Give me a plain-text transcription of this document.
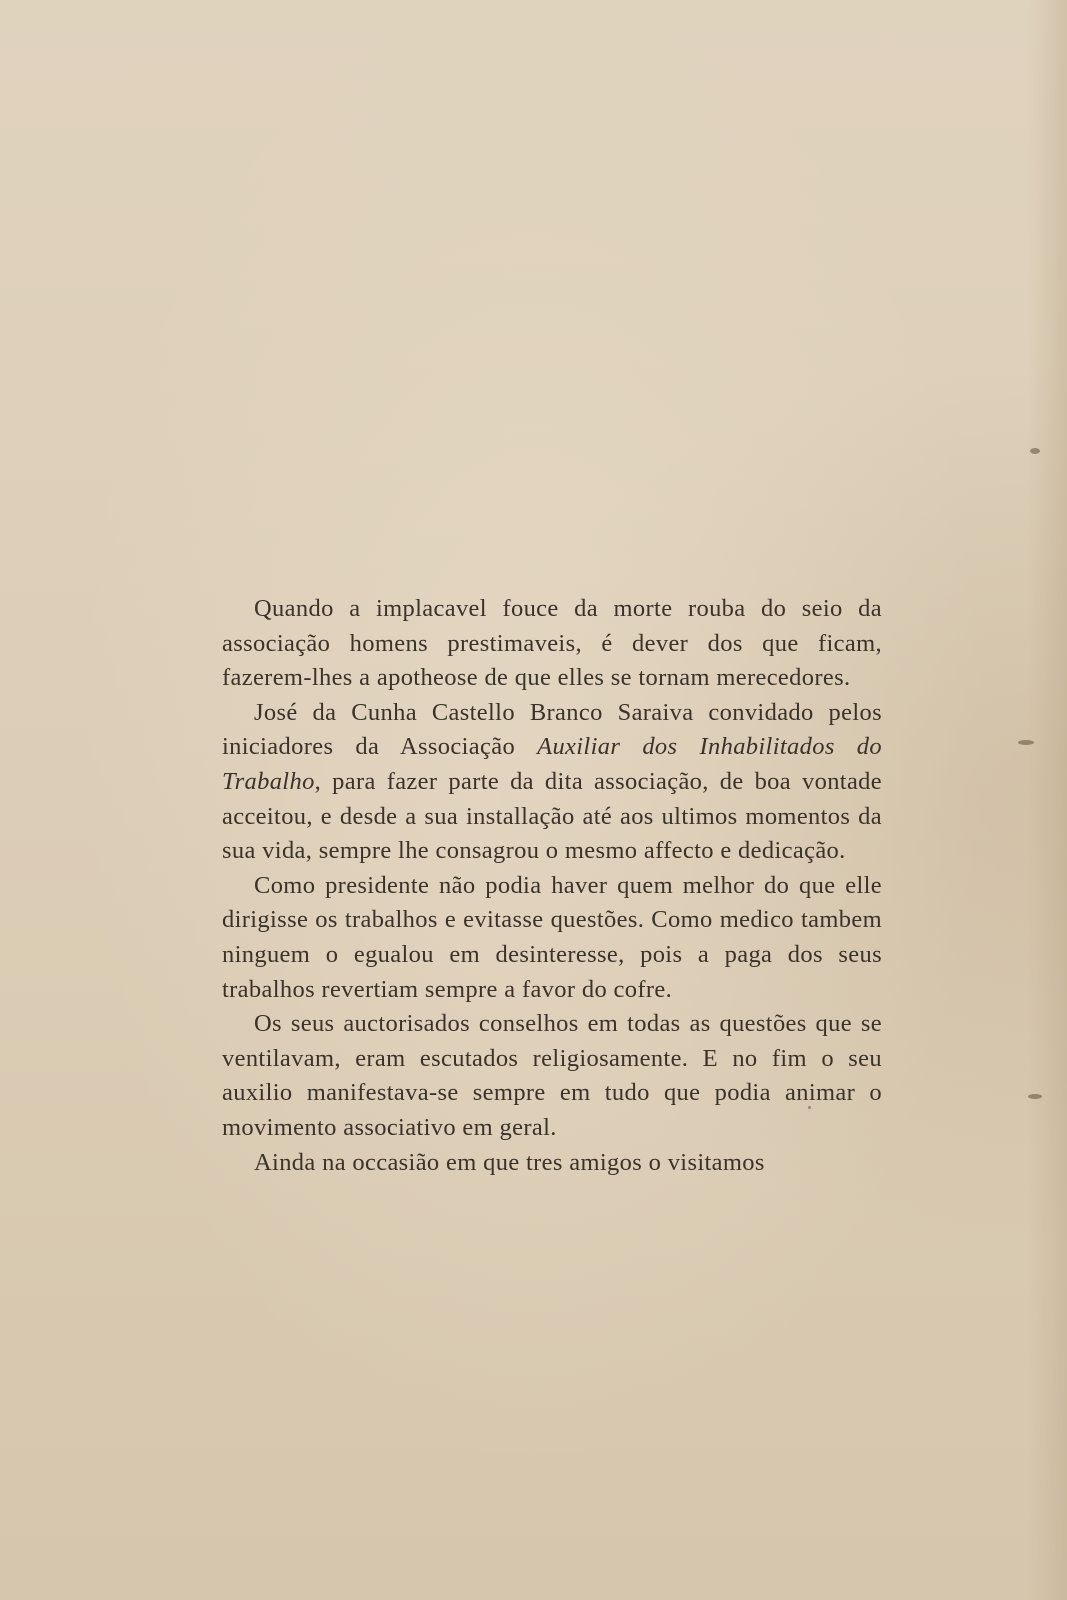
Quando a implacavel fouce da morte rouba do seio da associação homens prestimaveis, é dever dos que ficam, fazerem-lhes a apotheose de que elles se tornam merecedores.

José da Cunha Castello Branco Saraiva convidado pelos iniciadores da Associação Auxiliar dos Inhabilitados do Trabalho, para fazer parte da dita associação, de boa vontade acceitou, e desde a sua installação até aos ultimos momentos da sua vida, sempre lhe consagrou o mesmo affecto e dedicação.

Como presidente não podia haver quem melhor do que elle dirigisse os trabalhos e evitasse questões. Como medico tambem ninguem o egualou em desinteresse, pois a paga dos seus trabalhos revertiam sempre a favor do cofre.

Os seus auctorisados conselhos em todas as questões que se ventilavam, eram escutados religiosamente. E no fim o seu auxilio manifestava-se sempre em tudo que podia animar o movimento associativo em geral.

Ainda na occasião em que tres amigos o visitamos
